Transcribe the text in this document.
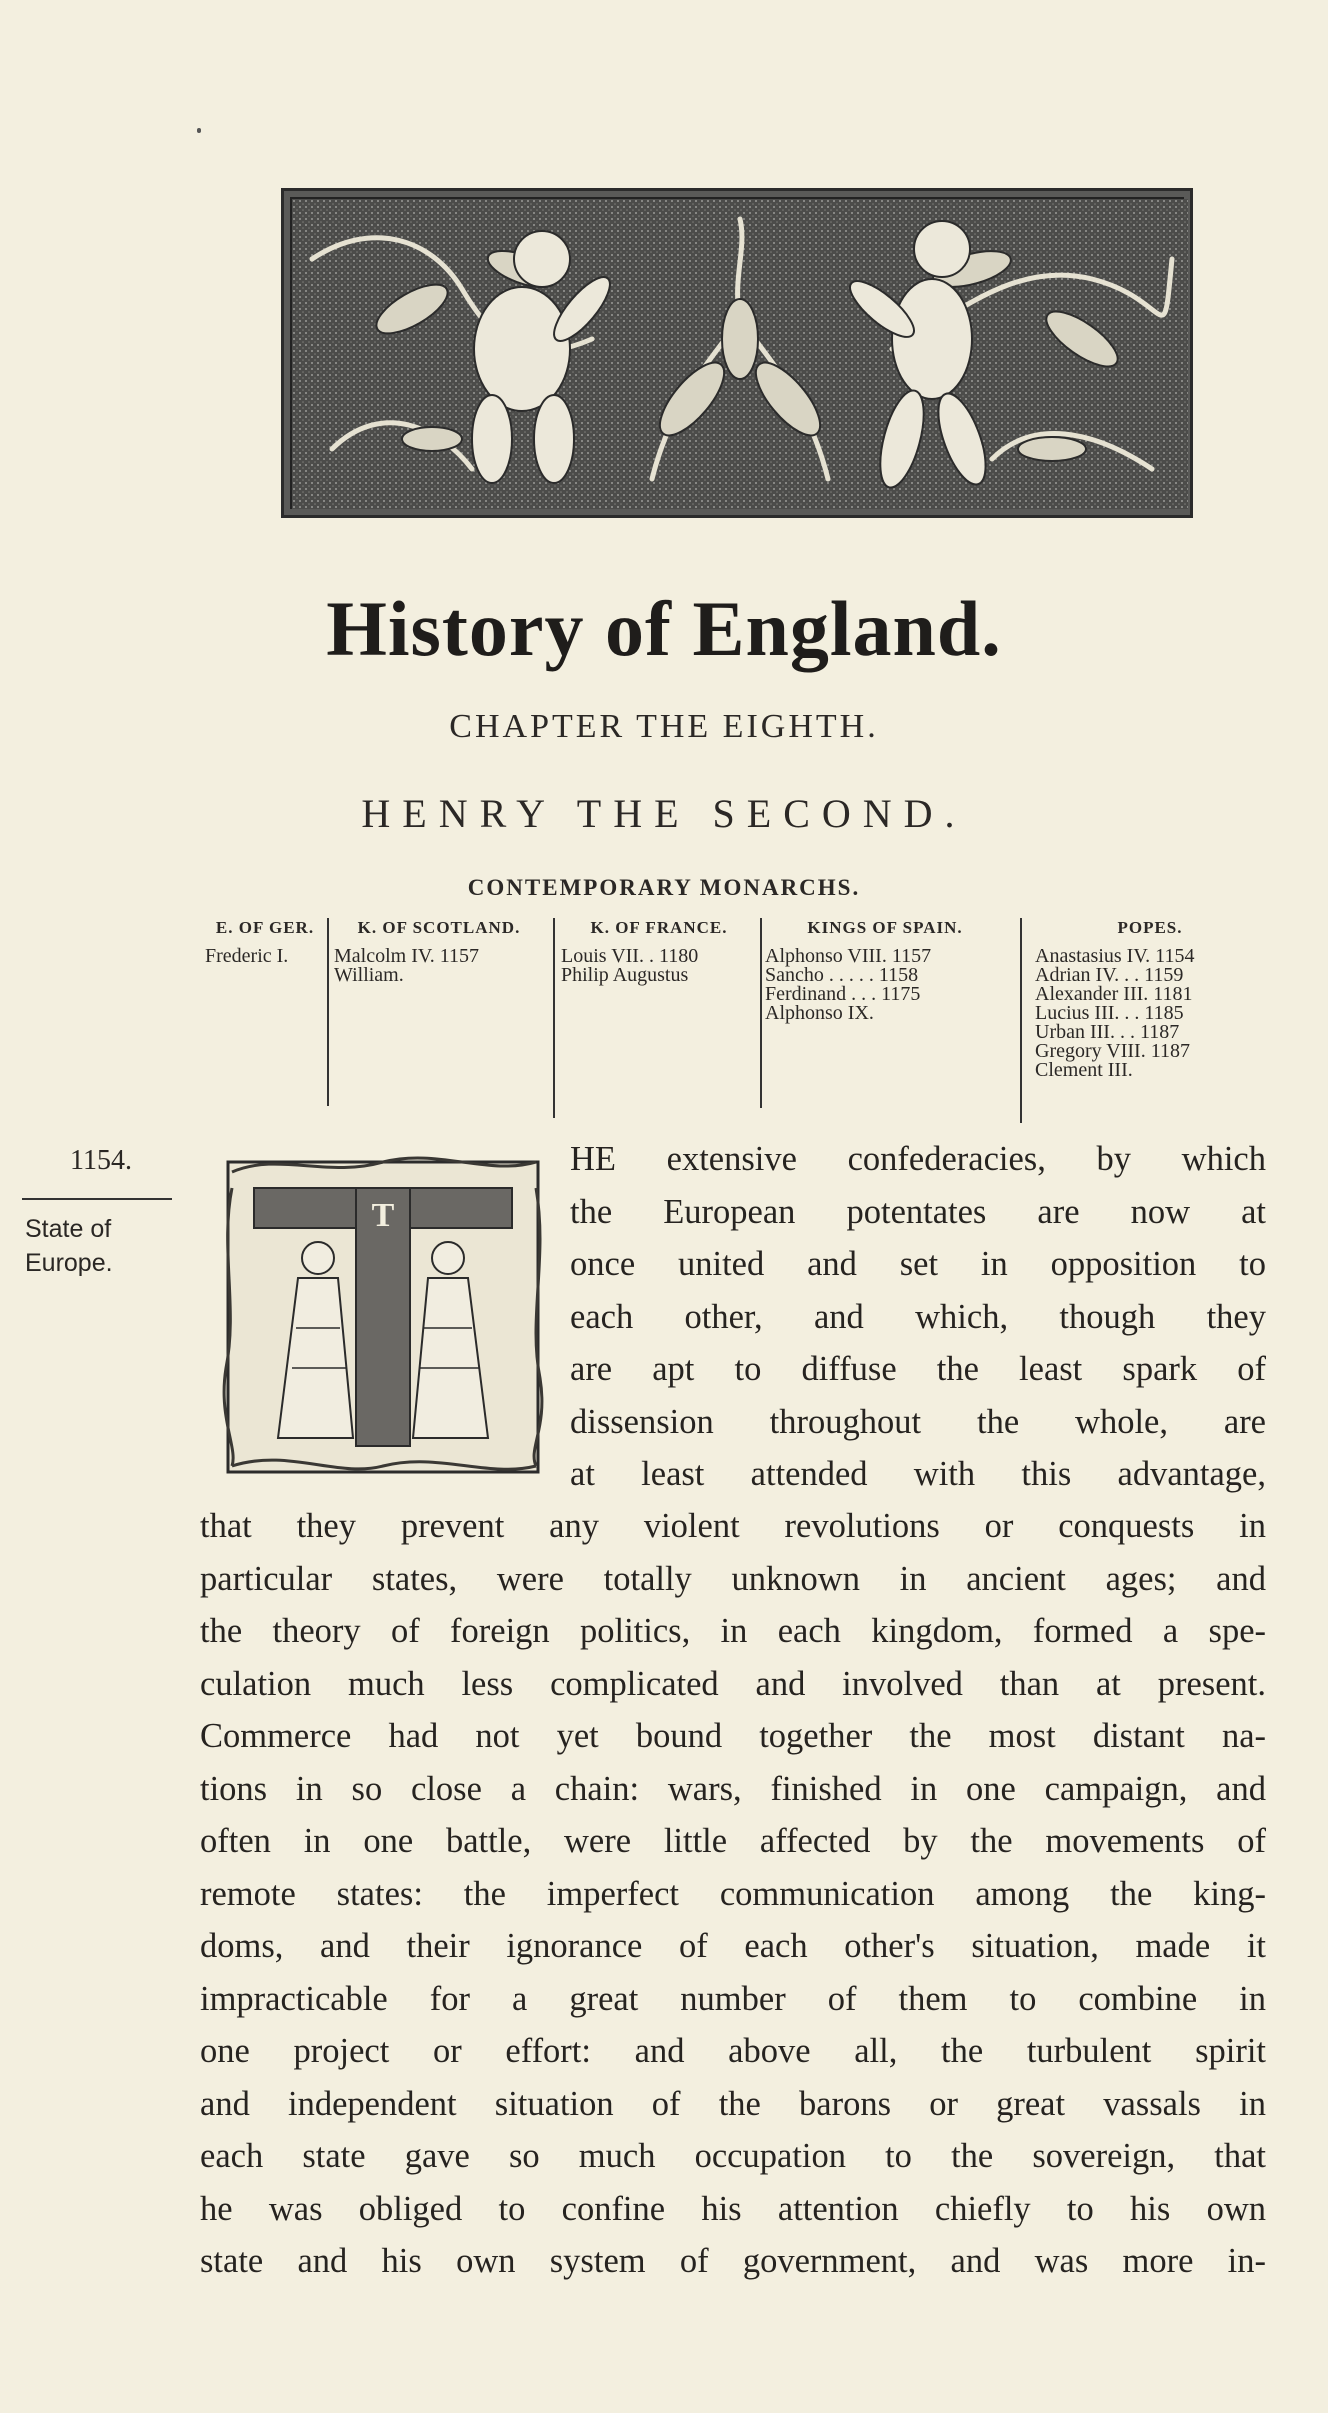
History of England.
CHAPTER THE EIGHTH.
HENRY THE SECOND.
CONTEMPORARY MONARCHS.
E. OF GER.
Frederic I.
K. OF SCOTLAND.
Malcolm IV. 1157
William.
K. OF FRANCE.
Louis VII. . 1180
Philip Augustus
KINGS OF SPAIN.
Alphonso VIII. 1157
Sancho . . . . . 1158
Ferdinand . . . 1175
Alphonso IX.
POPES.
Anastasius IV. 1154
Adrian IV. . . 1159
Alexander III. 1181
Lucius III. . . 1185
Urban III. . . 1187
Gregory VIII. 1187
Clement III.
1154.
State of
Europe.
T
HE extensive confederacies, by which
the European potentates are now at
once united and set in opposition to
each other, and which, though they
are apt to diffuse the least spark of
dissension throughout the whole, are
at least attended with this advantage,
that they prevent any violent revolutions or conquests in
particular states, were totally unknown in ancient ages; and
the theory of foreign politics, in each kingdom, formed a spe-
culation much less complicated and involved than at present.
Commerce had not yet bound together the most distant na-
tions in so close a chain: wars, finished in one campaign, and
often in one battle, were little affected by the movements of
remote states: the imperfect communication among the king-
doms, and their ignorance of each other's situation, made it
impracticable for a great number of them to combine in
one project or effort: and above all, the turbulent spirit
and independent situation of the barons or great vassals in
each state gave so much occupation to the sovereign, that
he was obliged to confine his attention chiefly to his own
state and his own system of government, and was more in-
